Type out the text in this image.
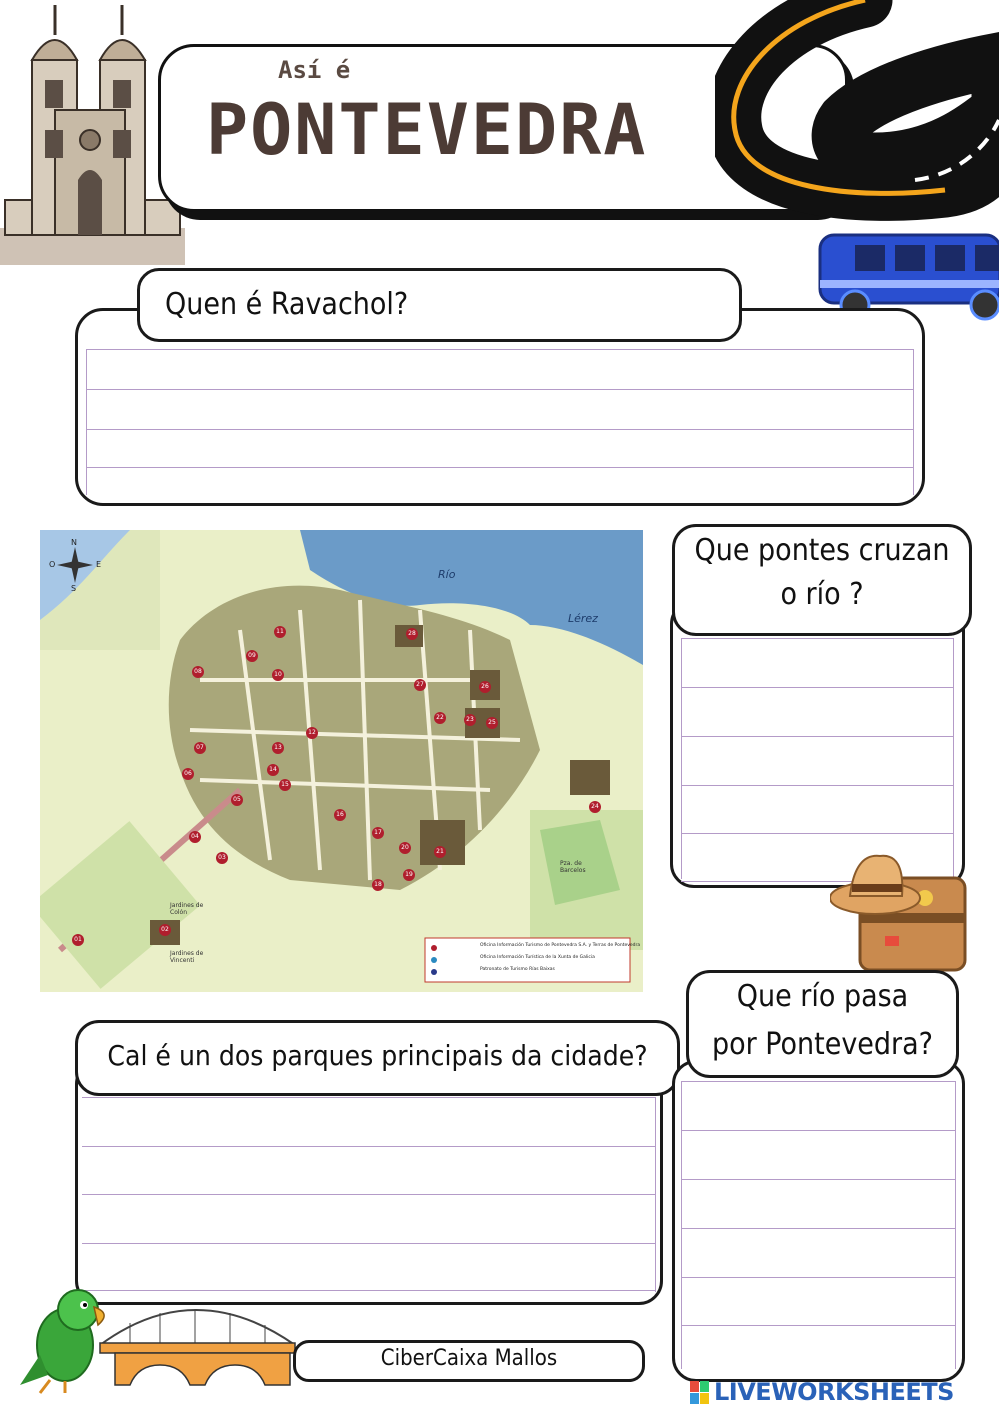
Así é
PONTEVEDRA
Quen é Ravachol?
N
S
E
O
Río
Lérez
Jardines de Colón
Jardines de Vincenti
Pza. de Barcelos
Oficina Información Turismo de Pontevedra S.A. y Terras de Pontevedra
Oficina Información Turística de la Xunta de Galicia
Patronato de Turismo Rías Baixas
01
02
03
04
05
06
07
08
09
10
11
12
13
14
15
16
17
18
19
20
21
22	23
24
25
26
27
28
Que pontes cruzan
o río ?
Cal é un dos parques principais da cidade?
Que río pasa
por Pontevedra?
CiberCaixa Mallos
LIVEWORKSHEETS
